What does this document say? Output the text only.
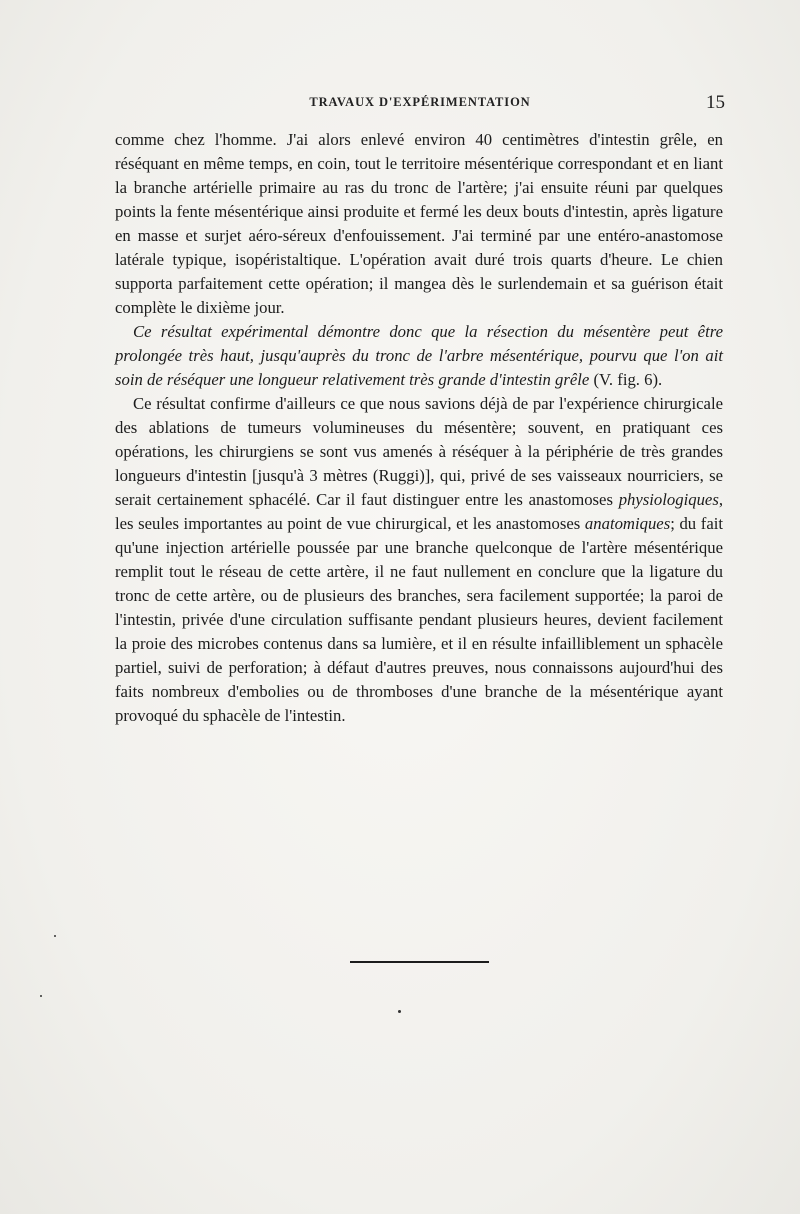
TRAVAUX D'EXPÉRIMENTATION	15

comme chez l'homme. J'ai alors enlevé environ 40 centimètres d'intestin grêle, en réséquant en même temps, en coin, tout le territoire mésentérique correspondant et en liant la branche artérielle primaire au ras du tronc de l'artère; j'ai ensuite réuni par quelques points la fente mésentérique ainsi produite et fermé les deux bouts d'intestin, après ligature en masse et surjet aéro-séreux d'enfouissement. J'ai terminé par une entéro-anastomose latérale typique, isopéristaltique. L'opération avait duré trois quarts d'heure. Le chien supporta parfaitement cette opération; il mangea dès le surlendemain et sa guérison était complète le dixième jour.

Ce résultat expérimental démontre donc que la résection du mésentère peut être prolongée très haut, jusqu'auprès du tronc de l'arbre mésentérique, pourvu que l'on ait soin de réséquer une longueur relativement très grande d'intestin grêle (V. fig. 6).

Ce résultat confirme d'ailleurs ce que nous savions déjà de par l'expérience chirurgicale des ablations de tumeurs volumineuses du mésentère; souvent, en pratiquant ces opérations, les chirurgiens se sont vus amenés à réséquer à la périphérie de très grandes longueurs d'intestin [jusqu'à 3 mètres (Ruggi)], qui, privé de ses vaisseaux nourriciers, se serait certainement sphacélé. Car il faut distinguer entre les anastomoses physiologiques, les seules importantes au point de vue chirurgical, et les anastomoses anatomiques; du fait qu'une injection artérielle poussée par une branche quelconque de l'artère mésentérique remplit tout le réseau de cette artère, il ne faut nullement en conclure que la ligature du tronc de cette artère, ou de plusieurs des branches, sera facilement supportée; la paroi de l'intestin, privée d'une circulation suffisante pendant plusieurs heures, devient facilement la proie des microbes contenus dans sa lumière, et il en résulte infailliblement un sphacèle partiel, suivi de perforation; à défaut d'autres preuves, nous connaissons aujourd'hui des faits nombreux d'embolies ou de thromboses d'une branche de la mésentérique ayant provoqué du sphacèle de l'intestin.
